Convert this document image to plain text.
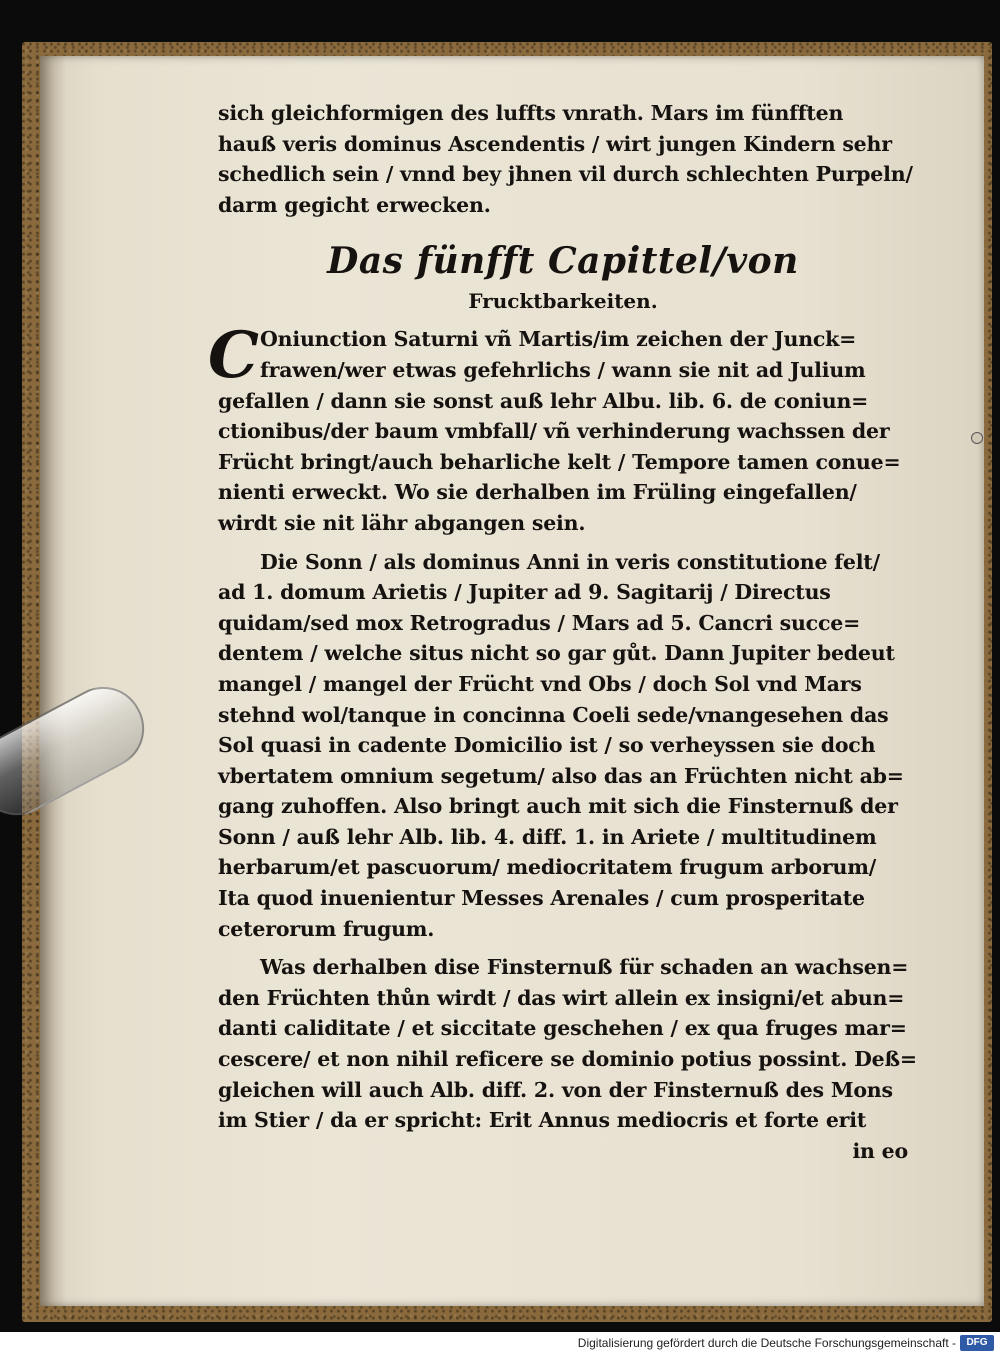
sich gleichformigen des luffts vnrath. Mars im fünfften
hauß veris dominus Ascendentis / wirt jungen Kindern sehr
schedlich sein / vnnd bey jhnen vil durch schlechten Purpeln/
darm gegicht erwecken.
Das fünfft Capittel/von
Frucktbarkeiten.
C Oniunction Saturni vñ Martis/im zeichen der Junck=
frawen/wer etwas gefehrlichs / wann sie nit ad Julium
gefallen / dann sie sonst auß lehr Albu. lib. 6. de coniun=
ctionibus/der baum vmbfall/ vñ verhinderung wachssen der
Frücht bringt/auch beharliche kelt / Tempore tamen conue=
nienti erweckt. Wo sie derhalben im Früling eingefallen/
wirdt sie nit lähr abgangen sein.
Die Sonn / als dominus Anni in veris constitutione felt/
ad 1. domum Arietis / Jupiter ad 9. Sagitarij / Directus
quidam/sed mox Retrogradus / Mars ad 5. Cancri succe=
dentem / welche situs nicht so gar gůt. Dann Jupiter bedeut
mangel / mangel der Frücht vnd Obs / doch Sol vnd Mars
stehnd wol/tanque in concinna Coeli sede/vnangesehen das
Sol quasi in cadente Domicilio ist / so verheyssen sie doch
vbertatem omnium segetum/ also das an Früchten nicht ab=
gang zuhoffen. Also bringt auch mit sich die Finsternuß der
Sonn / auß lehr Alb. lib. 4. diff. 1. in Ariete / multitudinem
herbarum/et pascuorum/ mediocritatem frugum arborum/
Ita quod inuenientur Messes Arenales / cum prosperitate
ceterorum frugum.
Was derhalben dise Finsternuß für schaden an wachsen=
den Früchten thůn wirdt / das wirt allein ex insigni/et abun=
danti caliditate / et siccitate geschehen / ex qua fruges mar=
cescere/ et non nihil reficere se dominio potius possint. Deß=
gleichen will auch Alb. diff. 2. von der Finsternuß des Mons
im Stier / da er spricht: Erit Annus mediocris et forte erit
in eo
Digitalisierung gefördert durch die Deutsche Forschungsgemeinschaft -	DFG
